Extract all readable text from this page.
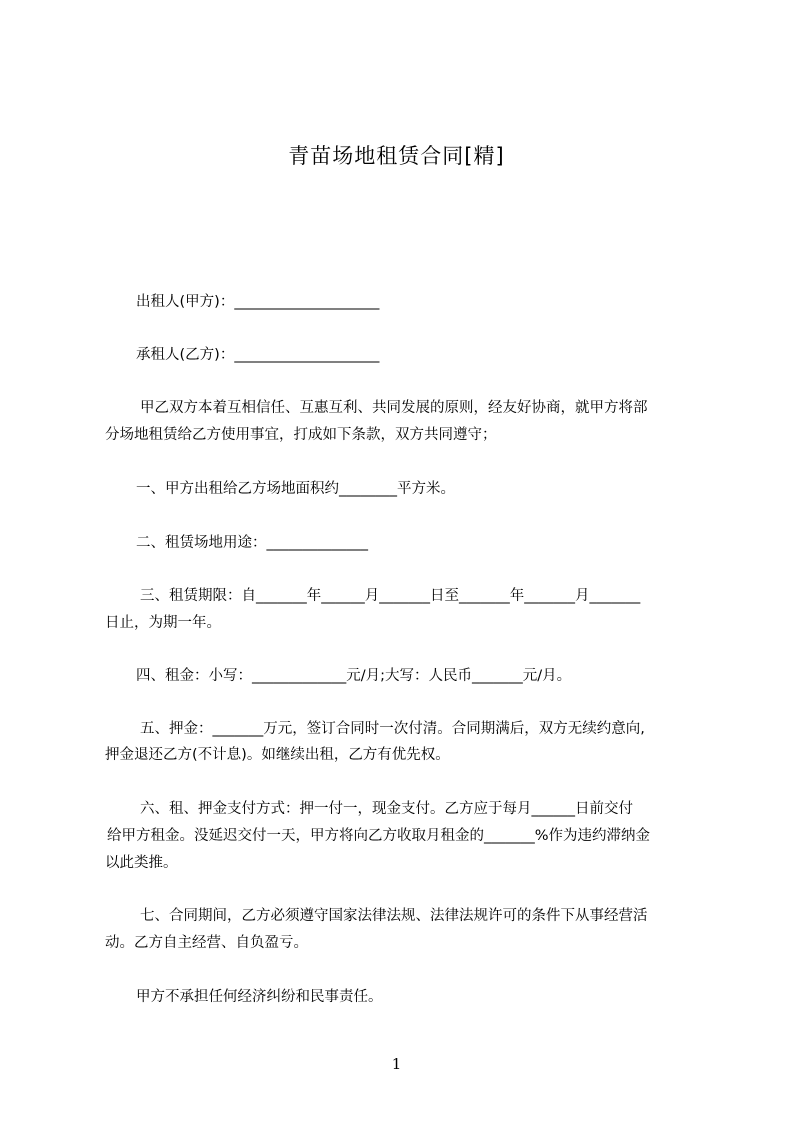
青苗场地租赁合同[精]
出租人(甲方)：____________________
承租人(乙方)：____________________
甲乙双方本着互相信任、互惠互利、共同发展的原则，经友好协商，就甲方将部
分场地租赁给乙方使用事宜，打成如下条款，双方共同遵守；
一、甲方出租给乙方场地面积约________平方米。
二、租赁场地用途：______________
三、租赁期限：自_______年______月_______日至_______年_______月_______
日止，为期一年。
四、租金：小写：_____________元/月;大写：人民币_______元/月。
五、押金：_______万元，签订合同时一次付清。合同期满后，双方无续约意向,
押金退还乙方(不计息)。如继续出租，乙方有优先权。
六、租、押金支付方式：押一付一，现金支付。乙方应于每月______日前交付
给甲方租金。没延迟交付一天，甲方将向乙方收取月租金的_______%作为违约滞纳金
以此类推。
七、合同期间，乙方必须遵守国家法律法规、法律法规许可的条件下从事经营活
动。乙方自主经营、自负盈亏。
甲方不承担任何经济纠纷和民事责任。
1
